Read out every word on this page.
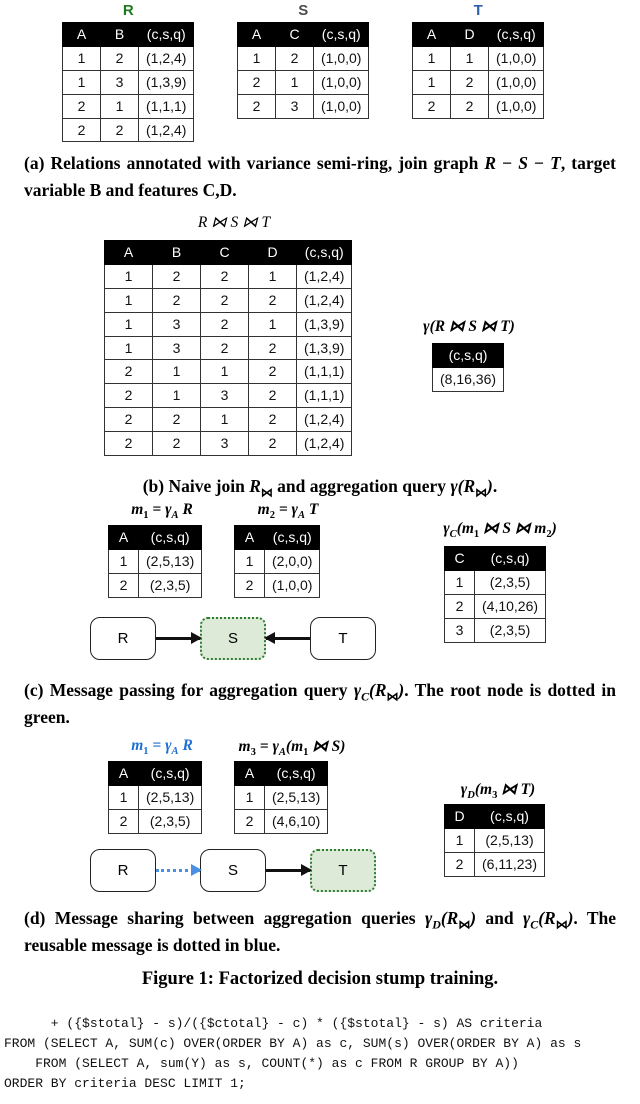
R
A	B	(c,s,q)
1	2	(1,2,4)
1	3	(1,3,9)
2	1	(1,1,1)
2	2	(1,2,4)
S
A	C	(c,s,q)
1	2	(1,0,0)
2	1	(1,0,0)
2	3	(1,0,0)
T
A	D	(c,s,q)
1	1	(1,0,0)
1	2	(1,0,0)
2	2	(1,0,0)
(a) Relations annotated with variance semi-ring, join graph R − S − T, target variable B and features C,D.
R ⋈ S ⋈ T
A	B	C	D	(c,s,q)
1	2	2	1	(1,2,4)
1	2	2	2	(1,2,4)
1	3	2	1	(1,3,9)
1	3	2	2	(1,3,9)
2	1	1	2	(1,1,1)
2	1	3	2	(1,1,1)
2	2	1	2	(1,2,4)
2	2	3	2	(1,2,4)
γ(R ⋈ S ⋈ T)
(c,s,q)
(8,16,36)
(b) Naive join $R_⋈$ and aggregation query $\gamma(R_⋈)$.
$m_1 = \gamma_A$ R	$m_2 = \gamma_A$ T
A	(c,s,q)
1	(2,5,13)
2	(2,3,5)
A	(c,s,q)
1	(2,0,0)
2	(1,0,0)
$\gamma_C(m_1$ ⋈ S ⋈ $m_2$)
C	(c,s,q)
1	(2,3,5)
2	(4,10,26)
3	(2,3,5)
R	S	T
(c) Message passing for aggregation query $\gamma_C(R_⋈)$. The root node is dotted in green.
$m_1 = \gamma_A$ R	$m_3 = \gamma_A(m_1$ ⋈ S)
A	(c,s,q)
1	(2,5,13)
2	(2,3,5)
A	(c,s,q)
1	(2,5,13)
2	(4,6,10)
$\gamma_D(m_3$ ⋈ T)
D	(c,s,q)
1	(2,5,13)
2	(6,11,23)
R	S	T
(d) Message sharing between aggregation queries $\gamma_D(R_⋈)$ and $\gamma_C(R_⋈)$. The reusable message is dotted in blue.
Figure 1: Factorized decision stump training.
+ ({$stotal} - s)/({$ctotal} - c) * ({$stotal} - s) AS criteria
FROM (SELECT A, SUM(c) OVER(ORDER BY A) as c, SUM(s) OVER(ORDER BY A) as s
FROM (SELECT A, sum(Y) as s, COUNT(*) as c FROM R GROUP BY A))
ORDER BY criteria DESC LIMIT 1;
